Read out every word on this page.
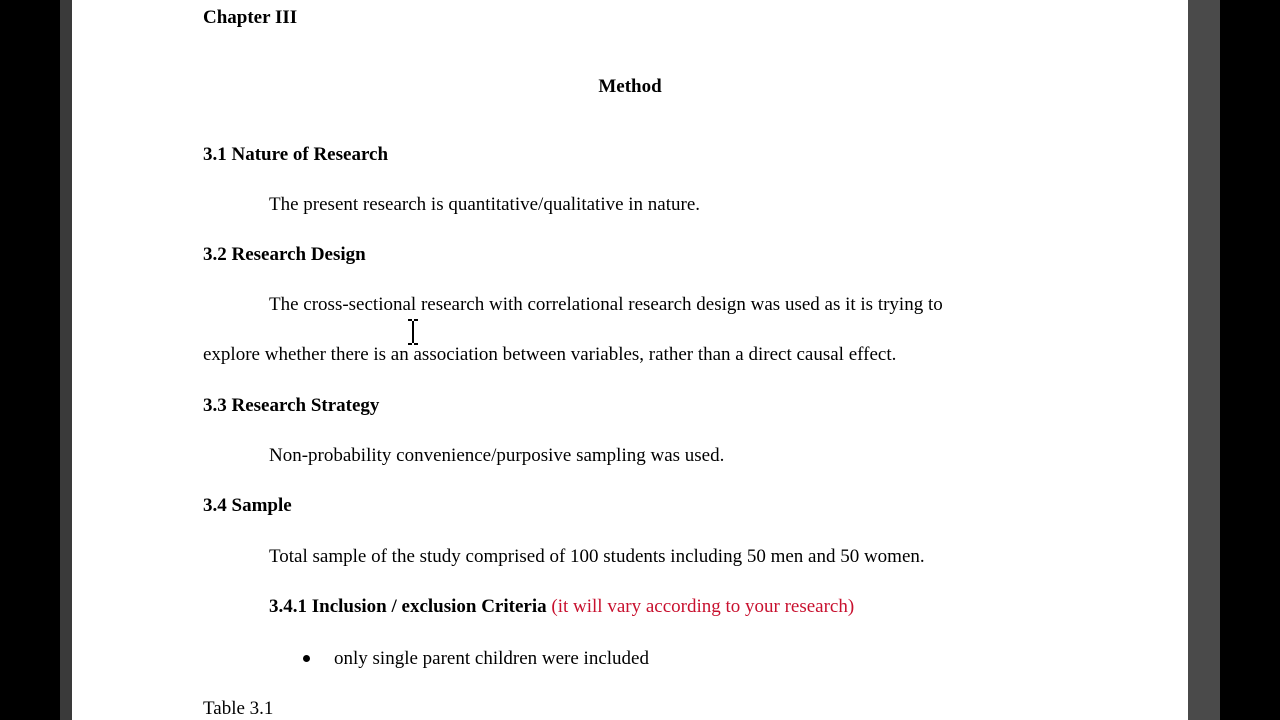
Chapter III
Method
3.1 Nature of Research
The present research is quantitative/qualitative in nature.
3.2 Research Design
The cross-sectional research with correlational research design was used as it is trying to
explore whether there is an association between variables, rather than a direct causal effect.
3.3 Research Strategy
Non-probability convenience/purposive sampling was used.
3.4 Sample
Total sample of the study comprised of 100 students including 50 men and 50 women.
3.4.1 Inclusion / exclusion Criteria (it will vary according to your research)
only single parent children were included
Table 3.1
